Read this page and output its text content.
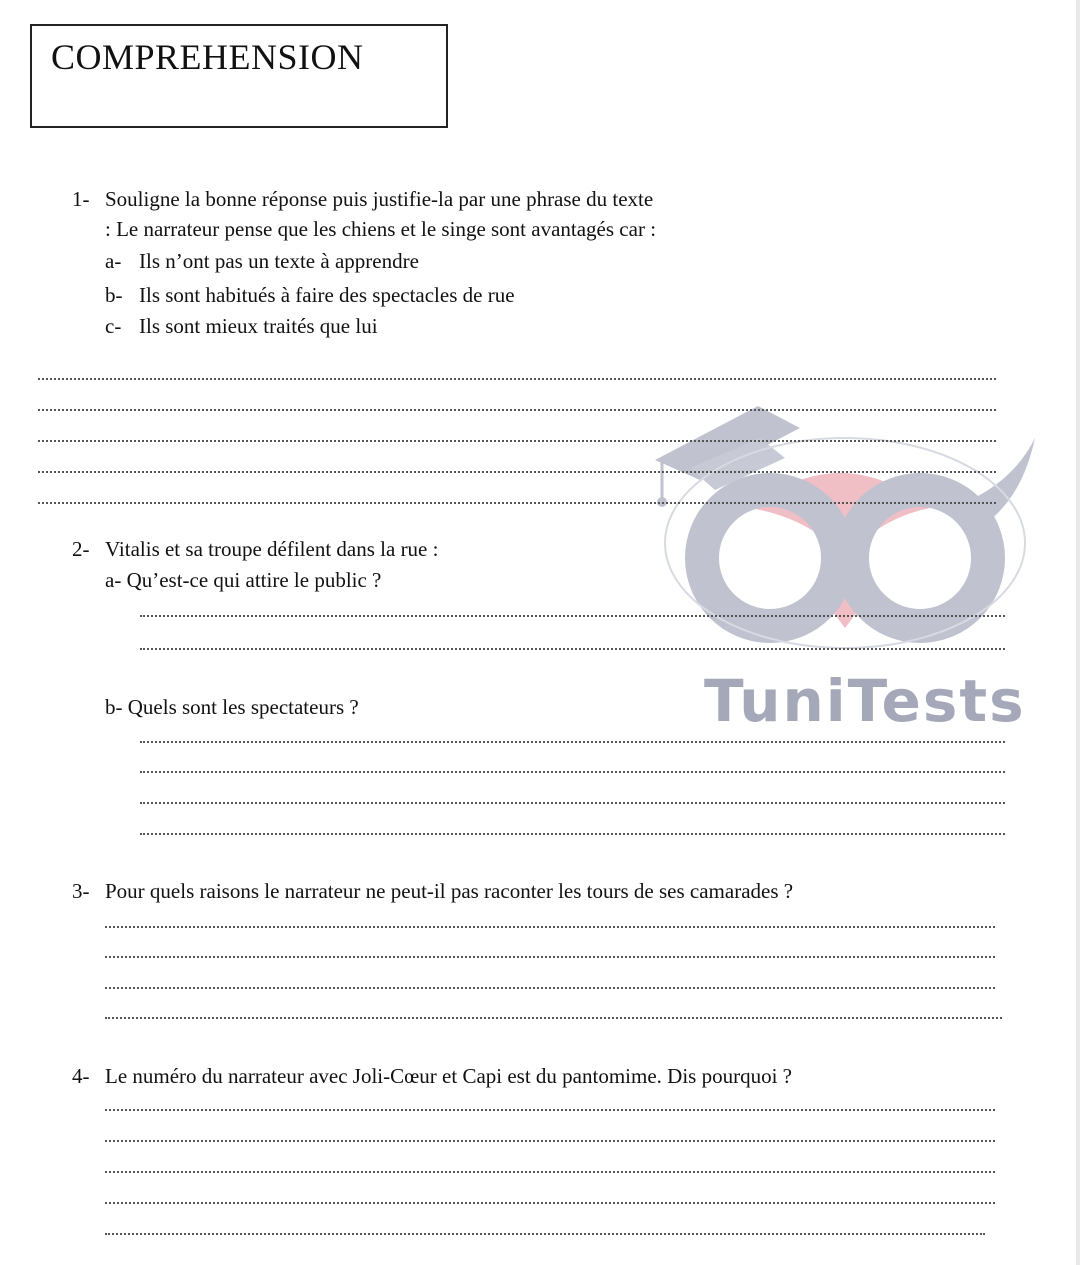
COMPREHENSION
TuniTests
1- Souligne la bonne réponse puis justifie-la par une phrase du texte
: Le narrateur pense que les chiens et le singe sont avantagés car :
a- Ils n’ont pas un texte à apprendre
b- Ils sont habitués à faire des spectacles de rue
c- Ils sont mieux traités que lui
2- Vitalis et sa troupe défilent dans la rue :
a- Qu’est-ce qui attire le public ?
b- Quels sont les spectateurs ?
3- Pour quels raisons le narrateur ne peut-il pas raconter les tours de ses camarades ?
4- Le numéro du narrateur avec Joli-Cœur et Capi est du pantomime. Dis pourquoi ?
